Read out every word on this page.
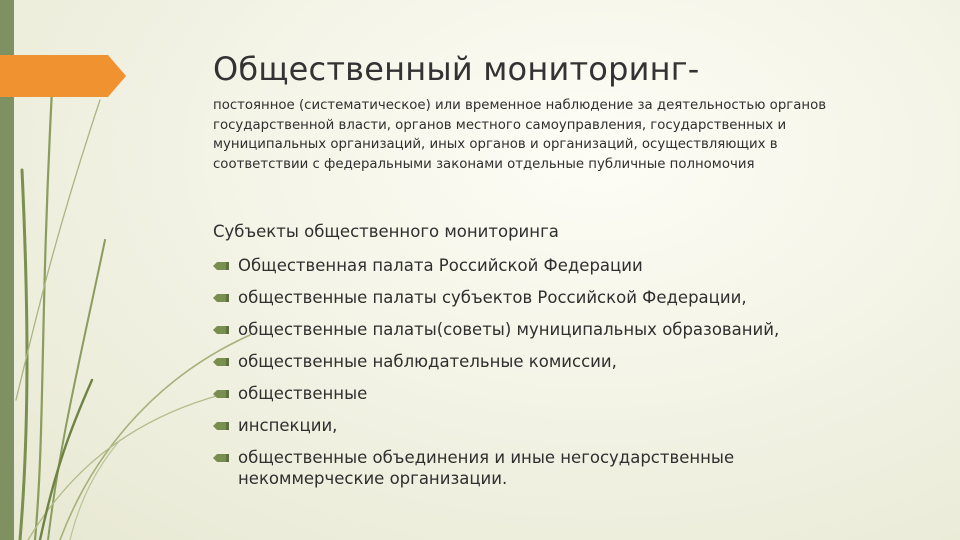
Общественный мониторинг-

постоянное (систематическое) или временное наблюдение за деятельностью органов государственной власти, органов местного самоуправления, государственных и муниципальных организаций, иных органов и организаций, осуществляющих в соответствии с федеральными законами отдельные публичные полномочия

Субъекты общественного мониторинга

Общественная палата Российской Федерации
общественные палаты субъектов Российской Федерации,
общественные палаты(советы) муниципальных образований,
общественные наблюдательные комиссии,
общественные
инспекции,
общественные объединения и иные негосударственные некоммерческие организации.
